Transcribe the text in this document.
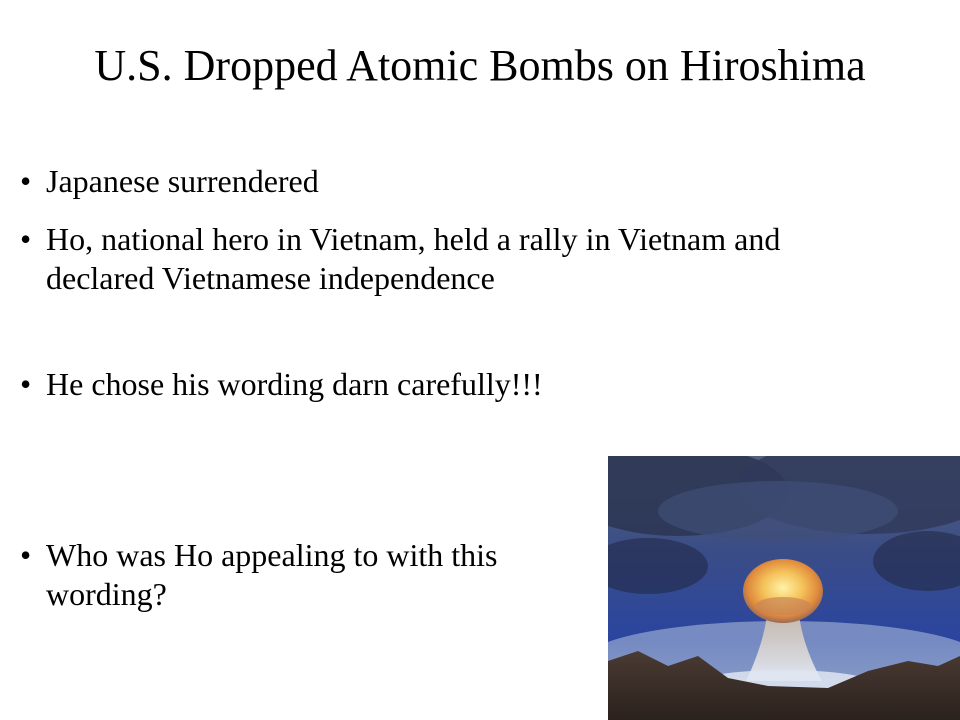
U.S. Dropped Atomic Bombs on Hiroshima
• Japanese surrendered
• Ho, national hero in Vietnam, held a rally in Vietnam and declared Vietnamese independence
• He chose his wording darn carefully!!!
• Who was Ho appealing to with this wording?
